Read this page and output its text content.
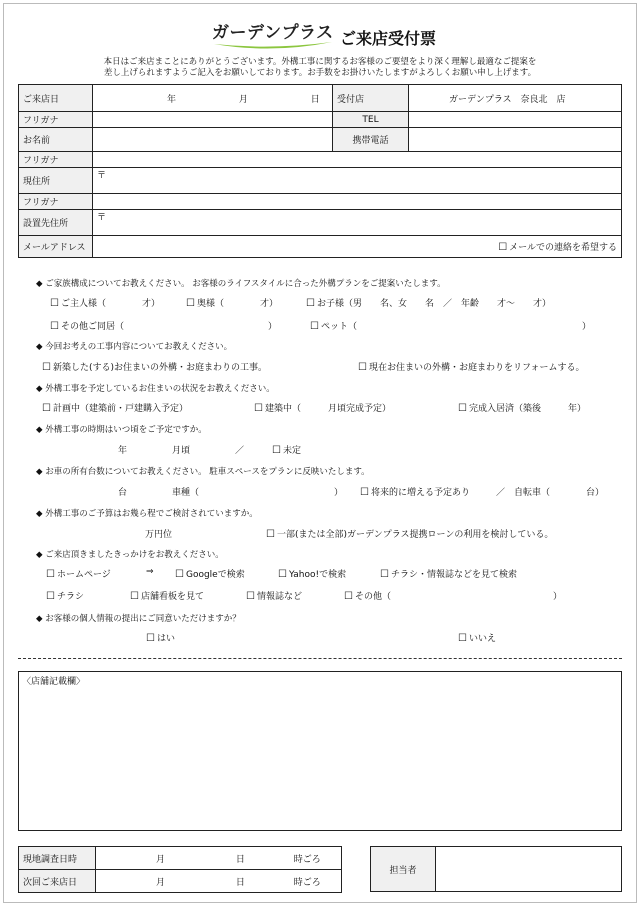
ガーデンプラス ご来店受付票
本日はご来店まことにありがとうございます。外構工事に関するお客様のご要望をより深く理解し最適なご提案を
差し上げられますようご記入をお願いしております。お手数をお掛けいたしますがよろしくお願い申し上げます。
ご来店日	年 月 日	受付店	ガーデンプラス　奈良北　店
フリガナ		TEL	
お名前		携帯電話	
フリガナ			
現住所	〒		
フリガナ			
設置先住所	〒		
メールアドレス	☐ メールでの連絡を希望する
◆ ご家族構成についてお教えください。 お客様のライフスタイルに合った外構プランをご提案いたします。
☐ ご主人様（　　　　才）	☐ 奥様（　　　　才）	☐ お子様（男　　名、女　　名　／　年齢　　才～　　才）
☐ その他ご同居（　　　　　　　　　　　　　　　　）	☐ ペット（　　　　　　　　　　　　　　　　　　　　　　　　　）
◆ 今回お考えの工事内容についてお教えください。
☐ 新築した(する)お住まいの外構・お庭まわりの工事。	☐ 現在お住まいの外構・お庭まわりをリフォームする。
◆ 外構工事を予定しているお住まいの状況をお教えください。
☐ 計画中（建築前・戸建購入予定）	☐ 建築中（　　　月頃完成予定）	☐ 完成入居済（築後　　　年）
◆ 外構工事の時期はいつ頃をご予定ですか。
年　　　　　月頃　　　　　／	☐ 未定
◆ お車の所有台数についてお教えください。 駐車スペースをプランに反映いたします。
台　　　　　車種（　　　　　　　　　　　　　　　）	☐ 将来的に増える予定あり	／　自転車（　　　　台）
◆ 外構工事のご予算はお幾ら程でご検討されていますか。
万円位	☐ 一部(または全部)ガーデンプラス提携ローンの利用を検討している。
◆ ご来店頂きましたきっかけをお教えください。
☐ ホームページ	⇒	☐ Googleで検索	☐ Yahoo!で検索	☐ チラシ・情報誌などを見て検索
☐ チラシ	☐ 店舗看板を見て	☐ 情報誌など	☐ その他（　　　　　　　　　　　　　　　　　　）
◆ お客様の個人情報の提出にご同意いただけますか？
☐ はい	☐ いいえ
〈店舗記載欄〉
現地調査日時	月 日 時ごろ
次回ご来店日	月 日 時ごろ
担当者	
